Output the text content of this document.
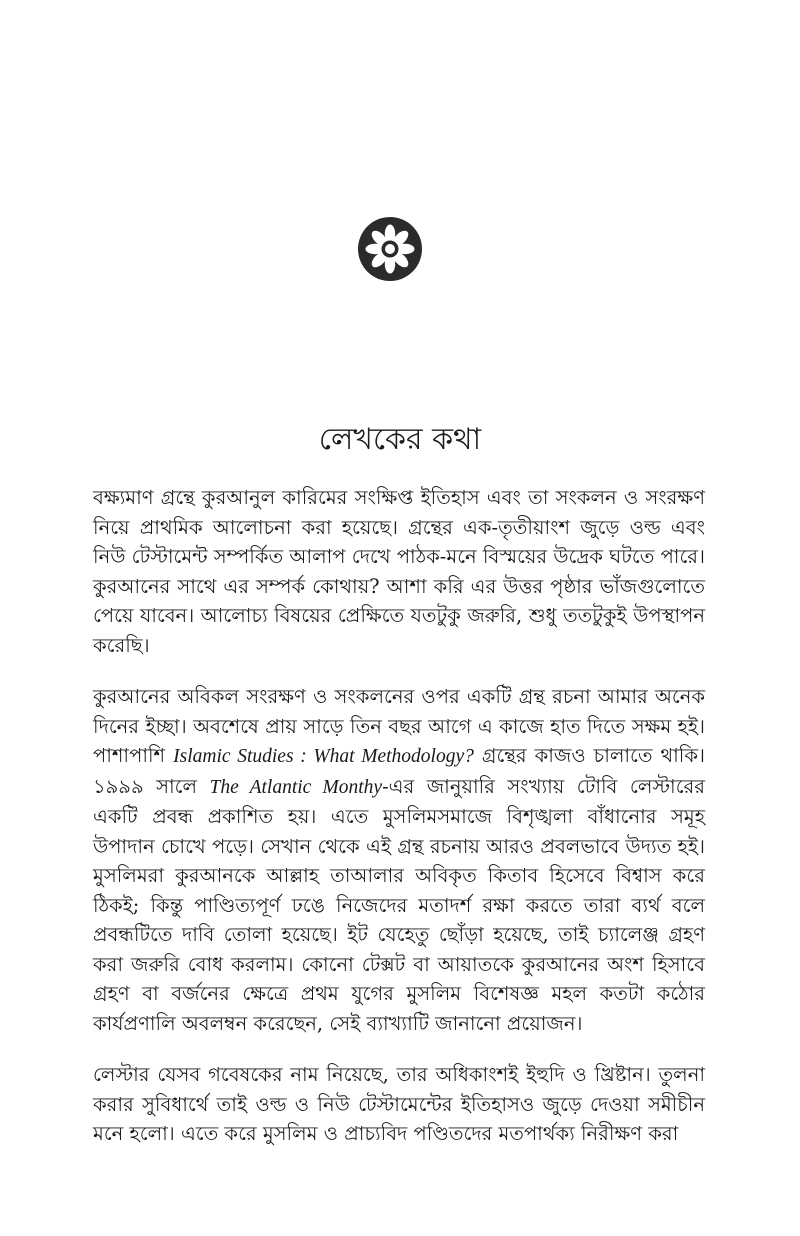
লেখকের কথা

বক্ষ্যমাণ গ্রন্থে কুরআনুল কারিমের সংক্ষিপ্ত ইতিহাস এবং তা সংকলন ও সংরক্ষণ নিয়ে প্রাথমিক আলোচনা করা হয়েছে। গ্রন্থের এক-তৃতীয়াংশ জুড়ে ওল্ড এবং নিউ টেস্টামেন্ট সম্পর্কিত আলাপ দেখে পাঠক-মনে বিস্ময়ের উদ্রেক ঘটতে পারে। কুরআনের সাথে এর সম্পর্ক কোথায়? আশা করি এর উত্তর পৃষ্ঠার ভাঁজগুলোতে পেয়ে যাবেন। আলোচ্য বিষয়ের প্রেক্ষিতে যতটুকু জরুরি, শুধু ততটুকুই উপস্থাপন করেছি।

কুরআনের অবিকল সংরক্ষণ ও সংকলনের ওপর একটি গ্রন্থ রচনা আমার অনেক দিনের ইচ্ছা। অবশেষে প্রায় সাড়ে তিন বছর আগে এ কাজে হাত দিতে সক্ষম হই। পাশাপাশি Islamic Studies : What Methodology? গ্রন্থের কাজও চালাতে থাকি। ১৯৯৯ সালে The Atlantic Monthy-এর জানুয়ারি সংখ্যায় টোবি লেস্টারের একটি প্রবন্ধ প্রকাশিত হয়। এতে মুসলিমসমাজে বিশৃঙ্খলা বাঁধানোর সমূহ উপাদান চোখে পড়ে। সেখান থেকে এই গ্রন্থ রচনায় আরও প্রবলভাবে উদ্যত হই। মুসলিমরা কুরআনকে আল্লাহ তাআলার অবিকৃত কিতাব হিসেবে বিশ্বাস করে ঠিকই; কিন্তু পাণ্ডিত্যপূর্ণ ঢঙে নিজেদের মতাদর্শ রক্ষা করতে তারা ব্যর্থ বলে প্রবন্ধটিতে দাবি তোলা হয়েছে। ইট যেহেতু ছোঁড়া হয়েছে, তাই চ্যালেঞ্জ গ্রহণ করা জরুরি বোধ করলাম। কোনো টেক্সট বা আয়াতকে কুরআনের অংশ হিসাবে গ্রহণ বা বর্জনের ক্ষেত্রে প্রথম যুগের মুসলিম বিশেষজ্ঞ মহল কতটা কঠোর কার্যপ্রণালি অবলম্বন করেছেন, সেই ব্যাখ্যাটি জানানো প্রয়োজন।

লেস্টার যেসব গবেষকের নাম নিয়েছে, তার অধিকাংশই ইহুদি ও খ্রিষ্টান। তুলনা করার সুবিধার্থে তাই ওল্ড ও নিউ টেস্টামেন্টের ইতিহাসও জুড়ে দেওয়া সমীচীন মনে হলো। এতে করে মুসলিম ও প্রাচ্যবিদ পণ্ডিতদের মতপার্থক্য নিরীক্ষণ করা
